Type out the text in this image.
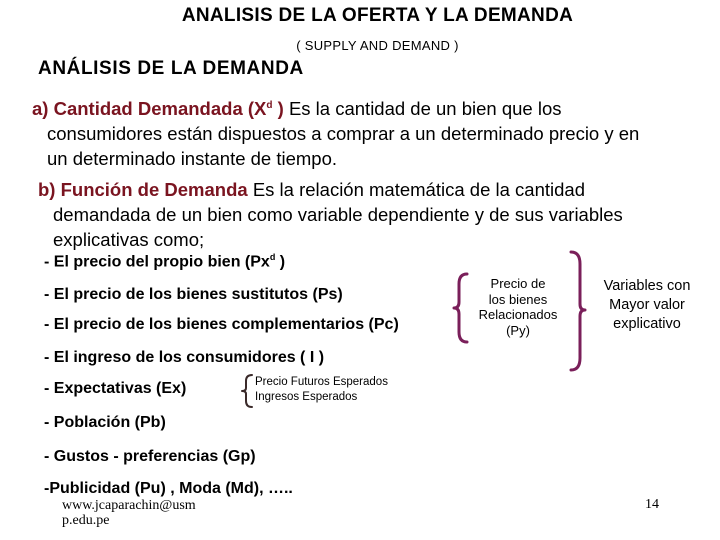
ANALISIS DE LA OFERTA Y LA DEMANDA
( SUPPLY AND DEMAND )
ANÁLISIS DE LA DEMANDA
a) Cantidad Demandada ($X^d$ ) Es la cantidad de un bien que los
consumidores están dispuestos a comprar a un determinado precio y en
un determinado instante de tiempo.
b) Función de Demanda Es la relación matemática de la cantidad
demandada de un bien como variable dependiente y de sus variables
explicativas como;
- El precio del propio bien (Px$^d$ )
- El precio de los bienes sustitutos (Ps)
- El precio de los bienes complementarios (Pc)
- El ingreso de los consumidores ( I )
- Expectativas (Ex)
- Población (Pb)
- Gustos - preferencias (Gp)
-Publicidad (Pu) , Moda (Md), …..
Precio de
los bienes
Relacionados
(Py)
Variables con
Mayor valor
explicativo
Precio Futuros Esperados
Ingresos Esperados
www.jcaparachin@usm
p.edu.pe
14
